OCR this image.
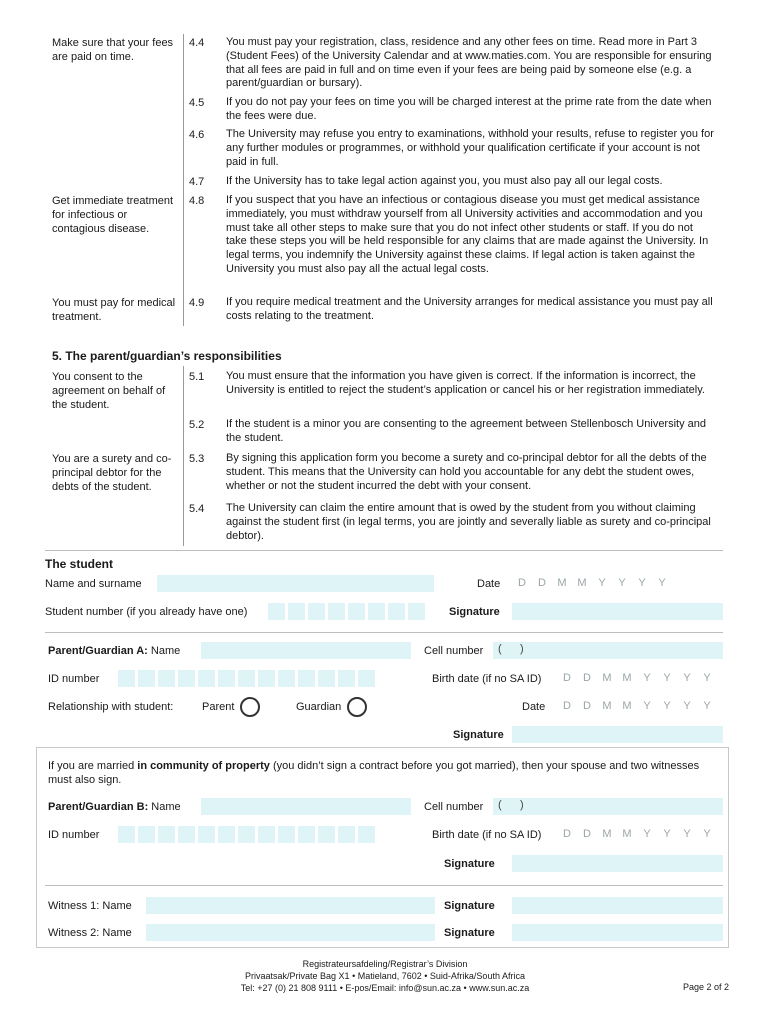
Make sure that your fees are paid on time.
4.4 You must pay your registration, class, residence and any other fees on time. Read more in Part 3 (Student Fees) of the University Calendar and at www.maties.com. You are responsible for ensuring that all fees are paid in full and on time even if your fees are being paid by someone else (e.g. a parent/guardian or bursary).
4.5 If you do not pay your fees on time you will be charged interest at the prime rate from the date when the fees were due.
4.6 The University may refuse you entry to examinations, withhold your results, refuse to register you for any further modules or programmes, or withhold your qualification certificate if your account is not paid in full.
4.7 If the University has to take legal action against you, you must also pay all our legal costs.
Get immediate treatment for infectious or contagious disease.
4.8 If you suspect that you have an infectious or contagious disease you must get medical assistance immediately, you must withdraw yourself from all University activities and accommodation and you must take all other steps to make sure that you do not infect other students or staff. If you do not take these steps you will be held responsible for any claims that are made against the University. In legal terms, you indemnify the University against these claims. If legal action is taken against the University you must also pay all the actual legal costs.
You must pay for medical treatment.
4.9 If you require medical treatment and the University arranges for medical assistance you must pay all costs relating to the treatment.
5. The parent/guardian’s responsibilities
You consent to the agreement on behalf of the student.
5.1 You must ensure that the information you have given is correct. If the information is incorrect, the University is entitled to reject the student’s application or cancel his or her registration immediately.
5.2 If the student is a minor you are consenting to the agreement between Stellenbosch University and the student.
You are a surety and co-principal debtor for the debts of the student.
5.3 By signing this application form you become a surety and co-principal debtor for all the debts of the student. This means that the University can hold you accountable for any debt the student owes, whether or not the student incurred the debt with your consent.
5.4 The University can claim the entire amount that is owed by the student from you without claiming against the student first (in legal terms, you are jointly and severally liable as surety and co-principal debtor).
The student
Name and surname	Date	D	D	M M	Y	Y	Y	Y
Student number (if you already have one)	Signature
Parent/Guardian A: Name	Cell number (      )
ID number	Birth date (if no SA ID)	D	D	M M	Y	Y	Y	Y
Relationship with student:	Parent	Guardian	Date	D	D	M M	Y	Y	Y	Y
Signature
If you are married in community of property (you didn’t sign a contract before you got married), then your spouse and two witnesses must also sign.
Parent/Guardian B: Name	Cell number (      )
ID number	Birth date (if no SA ID)	D	D	M M	Y	Y	Y	Y
Signature
Witness 1: Name	Signature
Witness 2: Name	Signature
Registrateursafdeling/Registrar’s Division
Privaatsak/Private Bag X1 • Matieland, 7602 • Suid-Afrika/South Africa
Tel: +27 (0) 21 808 9111 • E-pos/Email: info@sun.ac.za • www.sun.ac.za	Page 2 of 2
